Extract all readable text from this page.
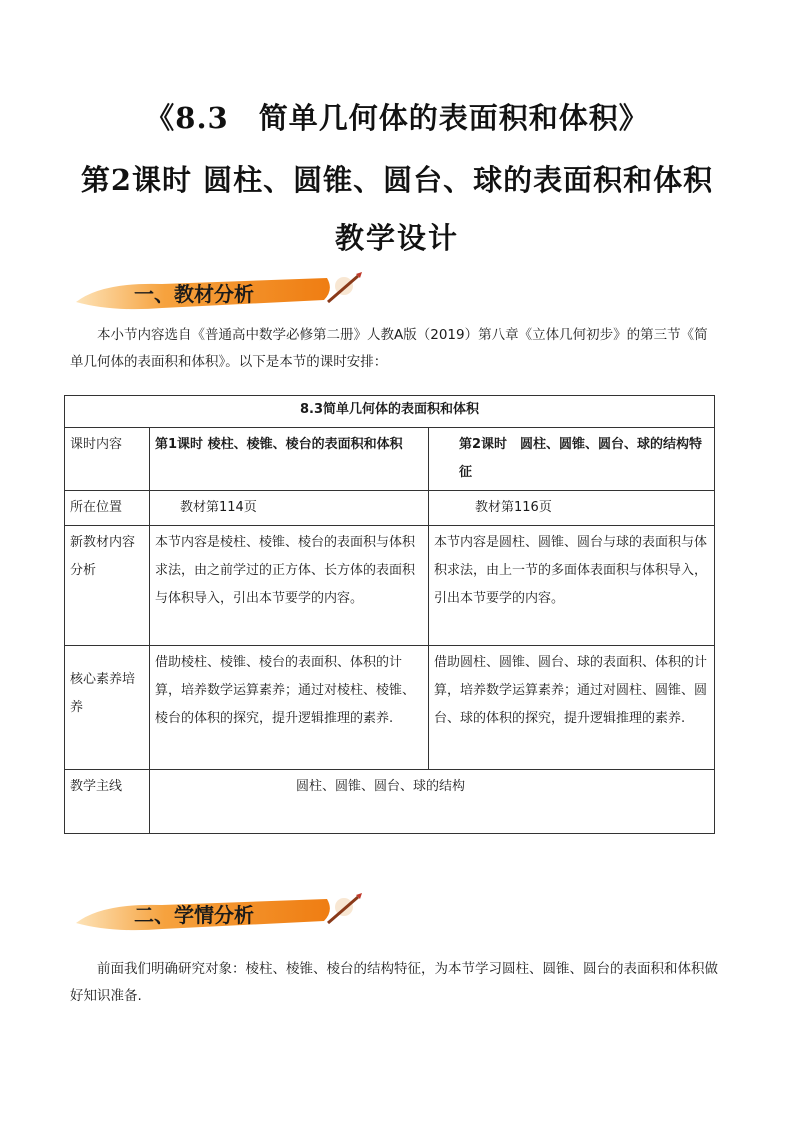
《8.3　简单几何体的表面积和体积》
第2课时 圆柱、圆锥、圆台、球的表面积和体积
教学设计
一、教材分析
本小节内容选自《普通高中数学必修第二册》人教A版（2019）第八章《立体几何初步》的第三节《简单几何体的表面积和体积》。以下是本节的课时安排：
8.3简单几何体的表面积和体积		
课时内容	第1课时 棱柱、棱锥、棱台的表面积和体积	第2课时　圆柱、圆锥、圆台、球的结构特征
所在位置	教材第114页	教材第116页
新教材内容分析	本节内容是棱柱、棱锥、棱台的表面积与体积求法，由之前学过的正方体、长方体的表面积与体积导入，引出本节要学的内容。	本节内容是圆柱、圆锥、圆台与球的表面积与体积求法，由上一节的多面体表面积与体积导入，引出本节要学的内容。
核心素养培养	借助棱柱、棱锥、棱台的表面积、体积的计算，培养数学运算素养；通过对棱柱、棱锥、棱台的体积的探究，提升逻辑推理的素养.	借助圆柱、圆锥、圆台、球的表面积、体积的计算，培养数学运算素养；通过对圆柱、圆锥、圆台、球的体积的探究，提升逻辑推理的素养.
教学主线	圆柱、圆锥、圆台、球的结构	
二、学情分析
前面我们明确研究对象：棱柱、棱锥、棱台的结构特征，为本节学习圆柱、圆锥、圆台的表面积和体积做好知识准备.
